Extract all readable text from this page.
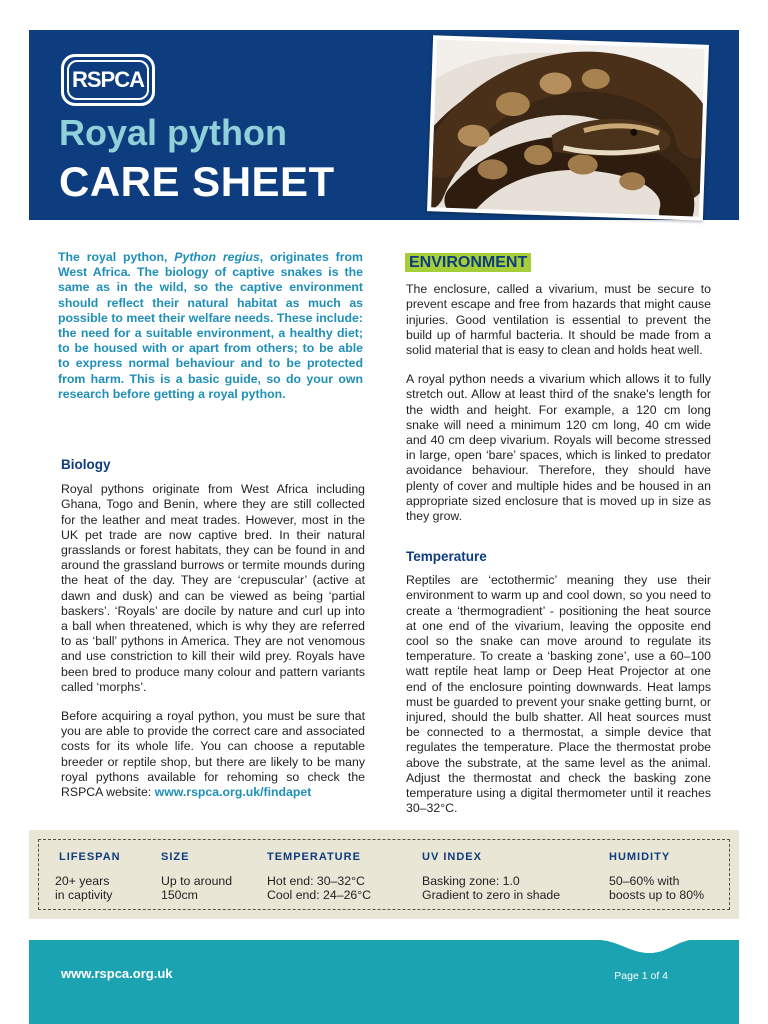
RSPCA
Royal python
CARE SHEET
The royal python, Python regius, originates from West Africa. The biology of captive snakes is the same as in the wild, so the captive environment should reflect their natural habitat as much as possible to meet their welfare needs. These include: the need for a suitable environment, a healthy diet; to be housed with or apart from others; to be able to express normal behaviour and to be protected from harm. This is a basic guide, so do your own research before getting a royal python.
Biology

Royal pythons originate from West Africa including Ghana, Togo and Benin, where they are still collected for the leather and meat trades. However, most in the UK pet trade are now captive bred. In their natural grasslands or forest habitats, they can be found in and around the grassland burrows or termite mounds during the heat of the day. They are ‘crepuscular’ (active at dawn and dusk) and can be viewed as being ‘partial baskers’. ‘Royals’ are docile by nature and curl up into a ball when threatened, which is why they are referred to as ‘ball’ pythons in America. They are not venomous and use constriction to kill their wild prey. Royals have been bred to produce many colour and pattern variants called ‘morphs’.

Before acquiring a royal python, you must be sure that you are able to provide the correct care and associated costs for its whole life. You can choose a reputable breeder or reptile shop, but there are likely to be many royal pythons available for rehoming so check the RSPCA website: www.rspca.org.uk/findapet

ENVIRONMENT

The enclosure, called a vivarium, must be secure to prevent escape and free from hazards that might cause injuries. Good ventilation is essential to prevent the build up of harmful bacteria. It should be made from a solid material that is easy to clean and holds heat well.

A royal python needs a vivarium which allows it to fully stretch out. Allow at least third of the snake's length for the width and height. For example, a 120 cm long snake will need a minimum 120 cm long, 40 cm wide and 40 cm deep vivarium. Royals will become stressed in large, open ‘bare’ spaces, which is linked to predator avoidance behaviour. Therefore, they should have plenty of cover and multiple hides and be housed in an appropriate sized enclosure that is moved up in size as they grow.

Temperature

Reptiles are ‘ectothermic’ meaning they use their environment to warm up and cool down, so you need to create a ‘thermogradient’ - positioning the heat source at one end of the vivarium, leaving the opposite end cool so the snake can move around to regulate its temperature. To create a ‘basking zone’, use a 60–100 watt reptile heat lamp or Deep Heat Projector at one end of the enclosure pointing downwards. Heat lamps must be guarded to prevent your snake getting burnt, or injured, should the bulb shatter. All heat sources must be connected to a thermostat, a simple device that regulates the temperature. Place the thermostat probe above the substrate, at the same level as the animal. Adjust the thermostat and check the basking zone temperature using a digital thermometer until it reaches 30–32°C.

LIFESPAN
20+ years
in captivity
SIZE
Up to around
150cm
TEMPERATURE
Hot end: 30–32°C
Cool end: 24–26°C
UV INDEX
Basking zone: 1.0
Gradient to zero in shade
HUMIDITY
50–60% with
boosts up to 80%
www.rspca.org.uk	Page 1 of 4
